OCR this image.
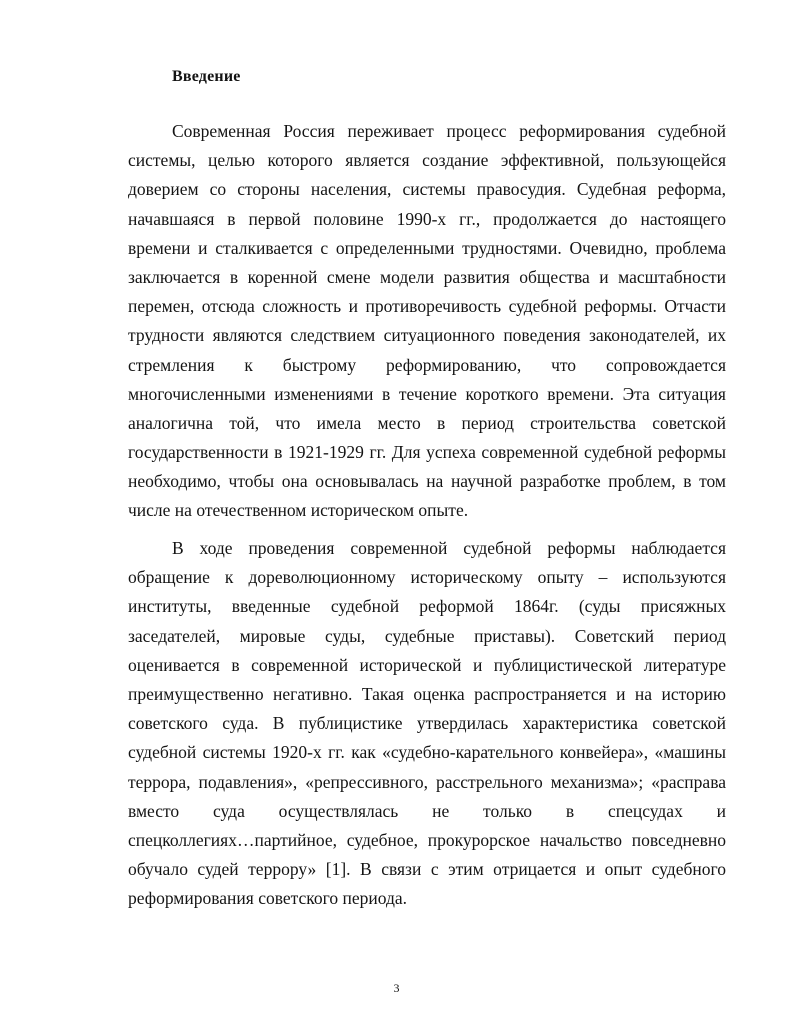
Введение
Современная Россия переживает процесс реформирования судебной
системы, целью которого является создание эффективной, пользующейся
доверием со стороны населения, системы правосудия. Судебная реформа,
начавшаяся в первой половине 1990-х гг., продолжается до настоящего
времени и сталкивается с определенными трудностями. Очевидно, проблема
заключается в коренной смене модели развития общества и масштабности
перемен, отсюда сложность и противоречивость судебной реформы. Отчасти
трудности являются следствием ситуационного поведения законодателей, их
стремления к быстрому реформированию, что сопровождается
многочисленными изменениями в течение короткого времени. Эта ситуация
аналогична той, что имела место в период строительства советской
государственности в 1921-1929 гг. Для успеха современной судебной реформы
необходимо, чтобы она основывалась на научной разработке проблем, в том
числе на отечественном историческом опыте.
В ходе проведения современной судебной реформы наблюдается
обращение к дореволюционному историческому опыту – используются
институты, введенные судебной реформой 1864г. (суды присяжных
заседателей, мировые суды, судебные приставы). Советский период
оценивается в современной исторической и публицистической литературе
преимущественно негативно. Такая оценка распространяется и на историю
советского суда. В публицистике утвердилась характеристика советской
судебной системы 1920-х гг. как «судебно-карательного конвейера», «машины
террора, подавления», «репрессивного, расстрельного механизма»; «расправа
вместо суда осуществлялась не только в спецсудах и
спецколлегиях…партийное, судебное, прокурорское начальство повседневно
обучало судей террору» [1]. В связи с этим отрицается и опыт судебного
реформирования советского периода.
3
